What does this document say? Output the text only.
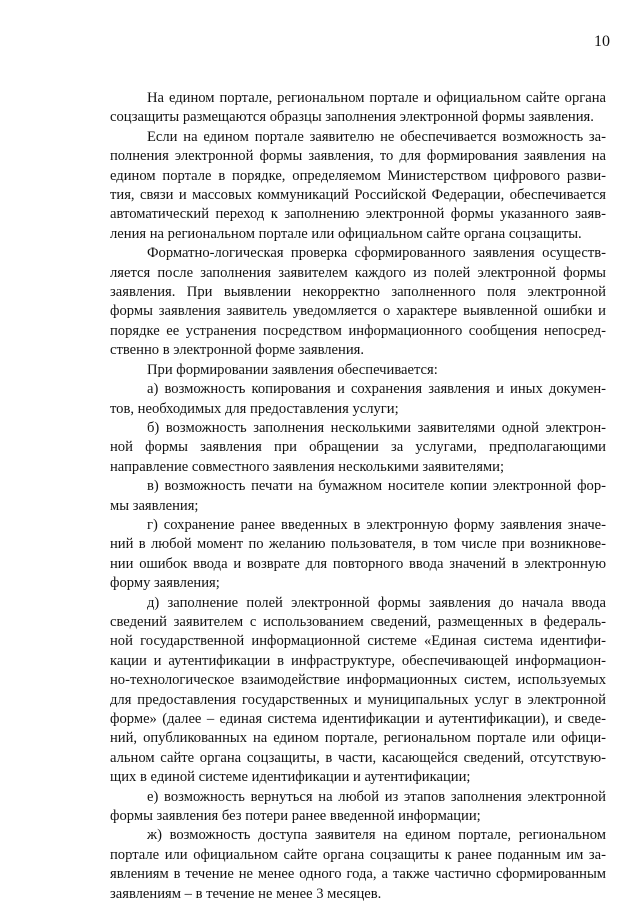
10
На едином портале, региональном портале и официальном сайте органа
соцзащиты размещаются образцы заполнения электронной формы заявления.
Если на едином портале заявителю не обеспечивается возможность за-
полнения электронной формы заявления, то для формирования заявления на
едином портале в порядке, определяемом Министерством цифрового разви-
тия, связи и массовых коммуникаций Российской Федерации, обеспечивается
автоматический переход к заполнению электронной формы указанного заяв-
ления на региональном портале или официальном сайте органа соцзащиты.
Форматно-логическая проверка сформированного заявления осуществ-
ляется после заполнения заявителем каждого из полей электронной формы
заявления. При выявлении некорректно заполненного поля электронной
формы заявления заявитель уведомляется о характере выявленной ошибки и
порядке ее устранения посредством информационного сообщения непосред-
ственно в электронной форме заявления.
При формировании заявления обеспечивается:
а) возможность копирования и сохранения заявления и иных докумен-
тов, необходимых для предоставления услуги;
б) возможность заполнения несколькими заявителями одной электрон-
ной формы заявления при обращении за услугами, предполагающими
направление совместного заявления несколькими заявителями;
в) возможность печати на бумажном носителе копии электронной фор-
мы заявления;
г) сохранение ранее введенных в электронную форму заявления значе-
ний в любой момент по желанию пользователя, в том числе при возникнове-
нии ошибок ввода и возврате для повторного ввода значений в электронную
форму заявления;
д) заполнение полей электронной формы заявления до начала ввода
сведений заявителем с использованием сведений, размещенных в федераль-
ной государственной информационной системе «Единая система идентифи-
кации и аутентификации в инфраструктуре, обеспечивающей информацион-
но-технологическое взаимодействие информационных систем, используемых
для предоставления государственных и муниципальных услуг в электронной
форме» (далее – единая система идентификации и аутентификации), и сведе-
ний, опубликованных на едином портале, региональном портале или офици-
альном сайте органа соцзащиты, в части, касающейся сведений, отсутствую-
щих в единой системе идентификации и аутентификации;
е) возможность вернуться на любой из этапов заполнения электронной
формы заявления без потери ранее введенной информации;
ж) возможность доступа заявителя на едином портале, региональном
портале или официальном сайте органа соцзащиты к ранее поданным им за-
явлениям в течение не менее одного года, а также частично сформированным
заявлениям – в течение не менее 3 месяцев.
